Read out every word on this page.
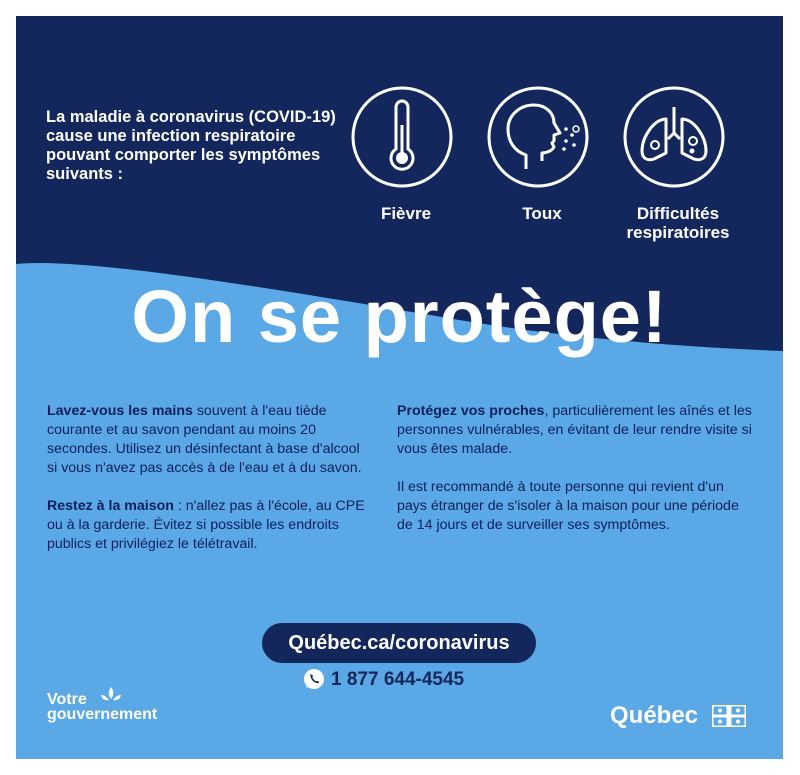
La maladie à coronavirus (COVID-19) cause une infection respiratoire pouvant comporter les symptômes suivants :
Fièvre	Toux	Difficultés
respiratoires
On se protège!

Lavez-vous les mains souvent à l'eau tiède courante et au savon pendant au moins 20 secondes. Utilisez un désinfectant à base d'alcool si vous n'avez pas accès à de l'eau et à du savon.

Restez à la maison : n'allez pas à l'école, au CPE ou à la garderie. Évitez si possible les endroits publics et privilégiez le télétravail.

Protégez vos proches, particulièrement les aînés et les personnes vulnérables, en évitant de leur rendre visite si vous êtes malade.

Il est recommandé à toute personne qui revient d'un pays étranger de s'isoler à la maison pour une période de 14 jours et de surveiller ses symptômes.

Québec.ca/coronavirus
1 877 644-4545
Votre
gouvernement	Québec
